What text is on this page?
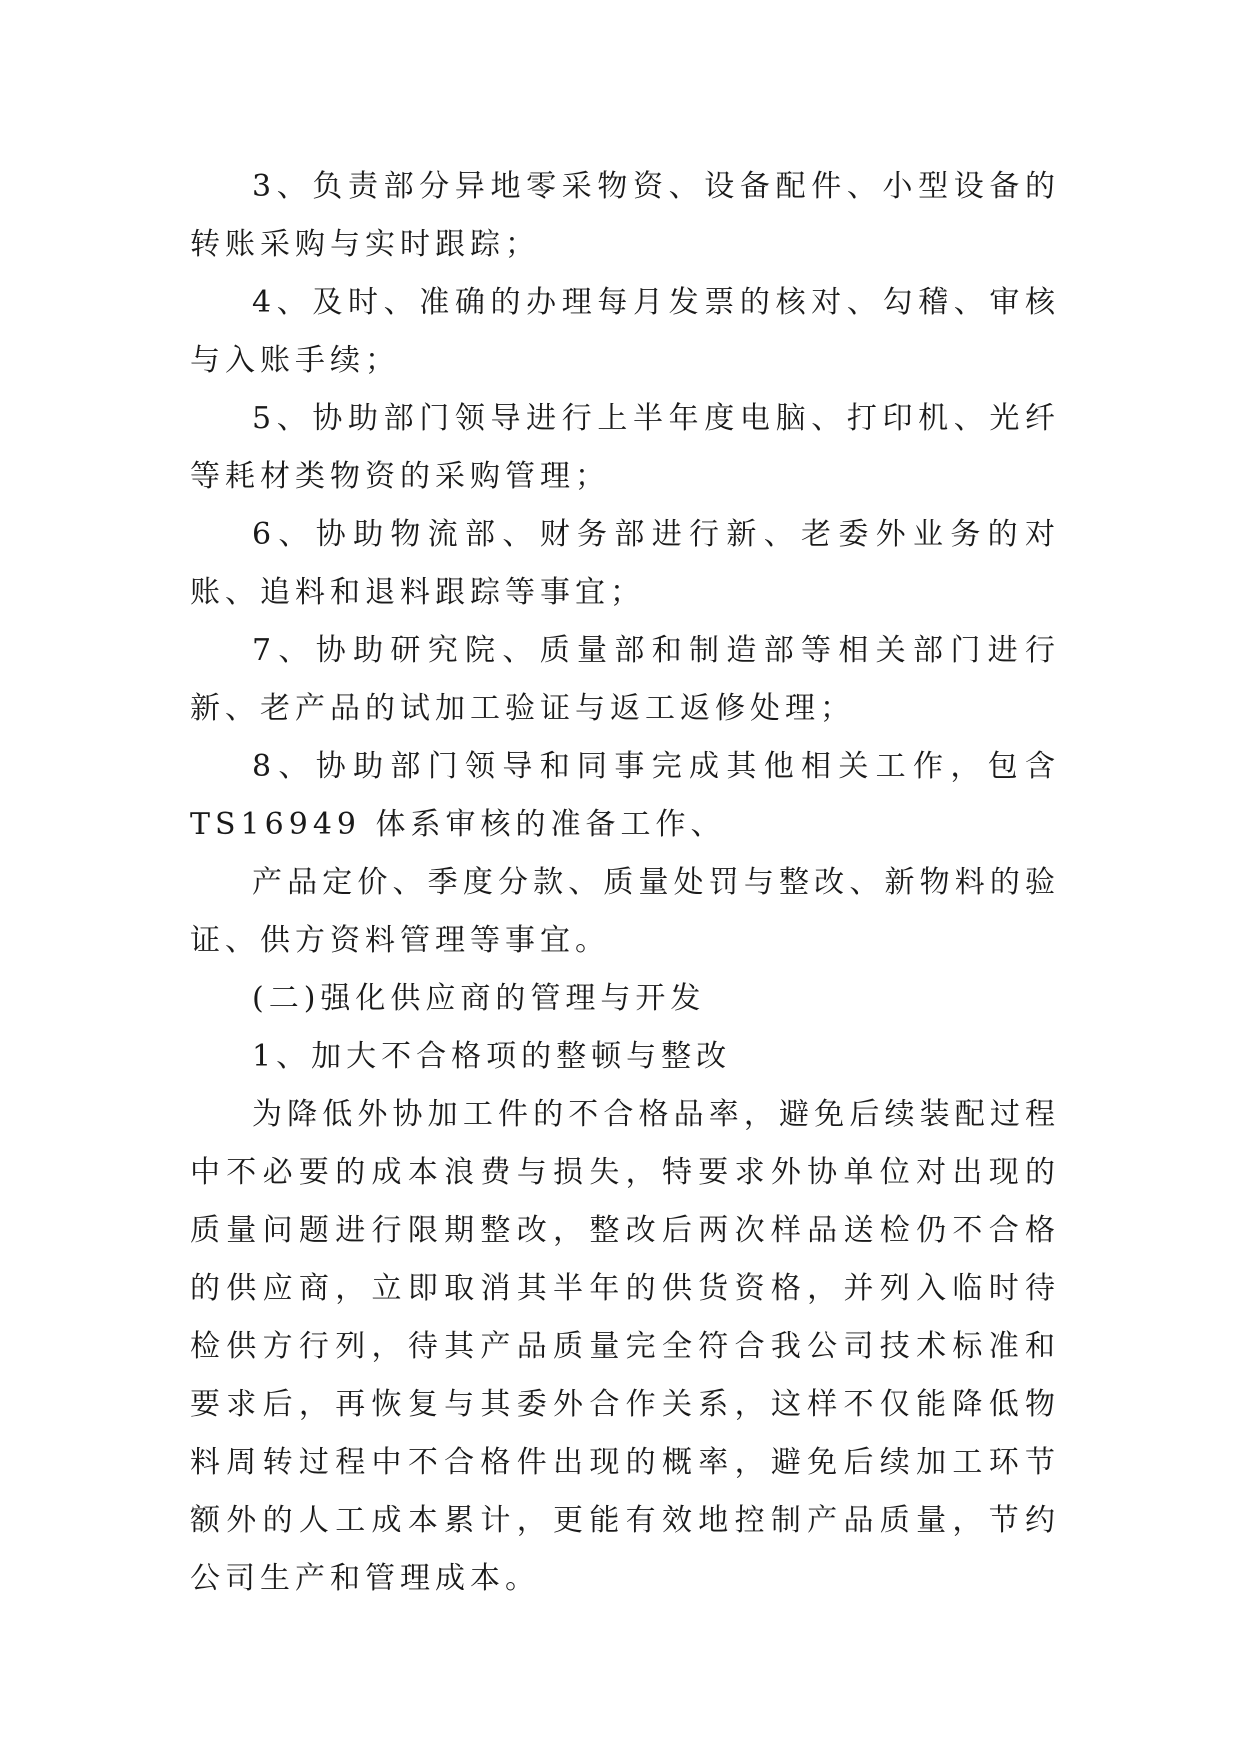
3、负责部分异地零采物资、设备配件、小型设备的转账采购与实时跟踪；

4、及时、准确的办理每月发票的核对、勾稽、审核与入账手续；

5、协助部门领导进行上半年度电脑、打印机、光纤等耗材类物资的采购管理；

6、协助物流部、财务部进行新、老委外业务的对账、追料和退料跟踪等事宜；

7、协助研究院、质量部和制造部等相关部门进行新、老产品的试加工验证与返工返修处理；

8、协助部门领导和同事完成其他相关工作，包含TS16949 体系审核的准备工作、

产品定价、季度分款、质量处罚与整改、新物料的验证、供方资料管理等事宜。

(二)强化供应商的管理与开发

1、加大不合格项的整顿与整改

为降低外协加工件的不合格品率，避免后续装配过程中不必要的成本浪费与损失，特要求外协单位对出现的质量问题进行限期整改，整改后两次样品送检仍不合格的供应商，立即取消其半年的供货资格，并列入临时待检供方行列，待其产品质量完全符合我公司技术标准和要求后，再恢复与其委外合作关系，这样不仅能降低物料周转过程中不合格件出现的概率，避免后续加工环节额外的人工成本累计，更能有效地控制产品质量，节约公司生产和管理成本。
